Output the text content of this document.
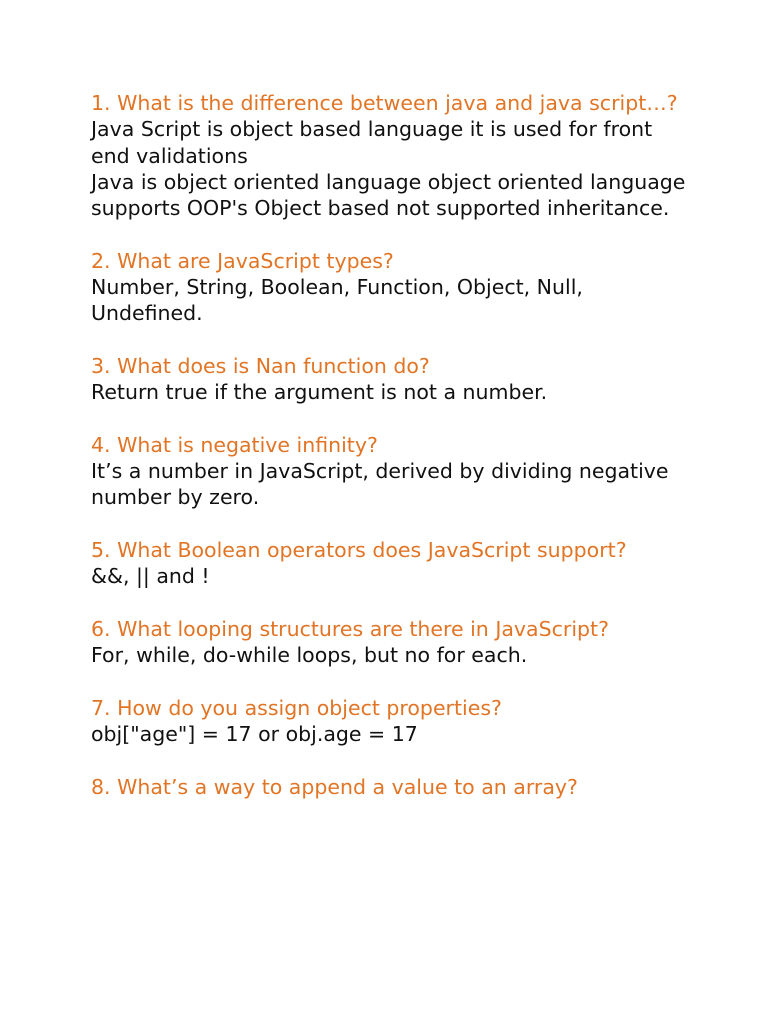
1. What is the difference between java and java script…?
Java Script is object based language it is used for front end validations
Java is object oriented language object oriented language supports OOP's Object based not supported inheritance.
2. What are JavaScript types?
Number, String, Boolean, Function, Object, Null, Undefined.
3. What does is Nan function do?
Return true if the argument is not a number.
4. What is negative infinity?
It’s a number in JavaScript, derived by dividing negative number by zero.
5. What Boolean operators does JavaScript support?
&&, || and !
6. What looping structures are there in JavaScript?
For, while, do-while loops, but no for each.
7. How do you assign object properties?
obj["age"] = 17 or obj.age = 17
8. What’s a way to append a value to an array?
